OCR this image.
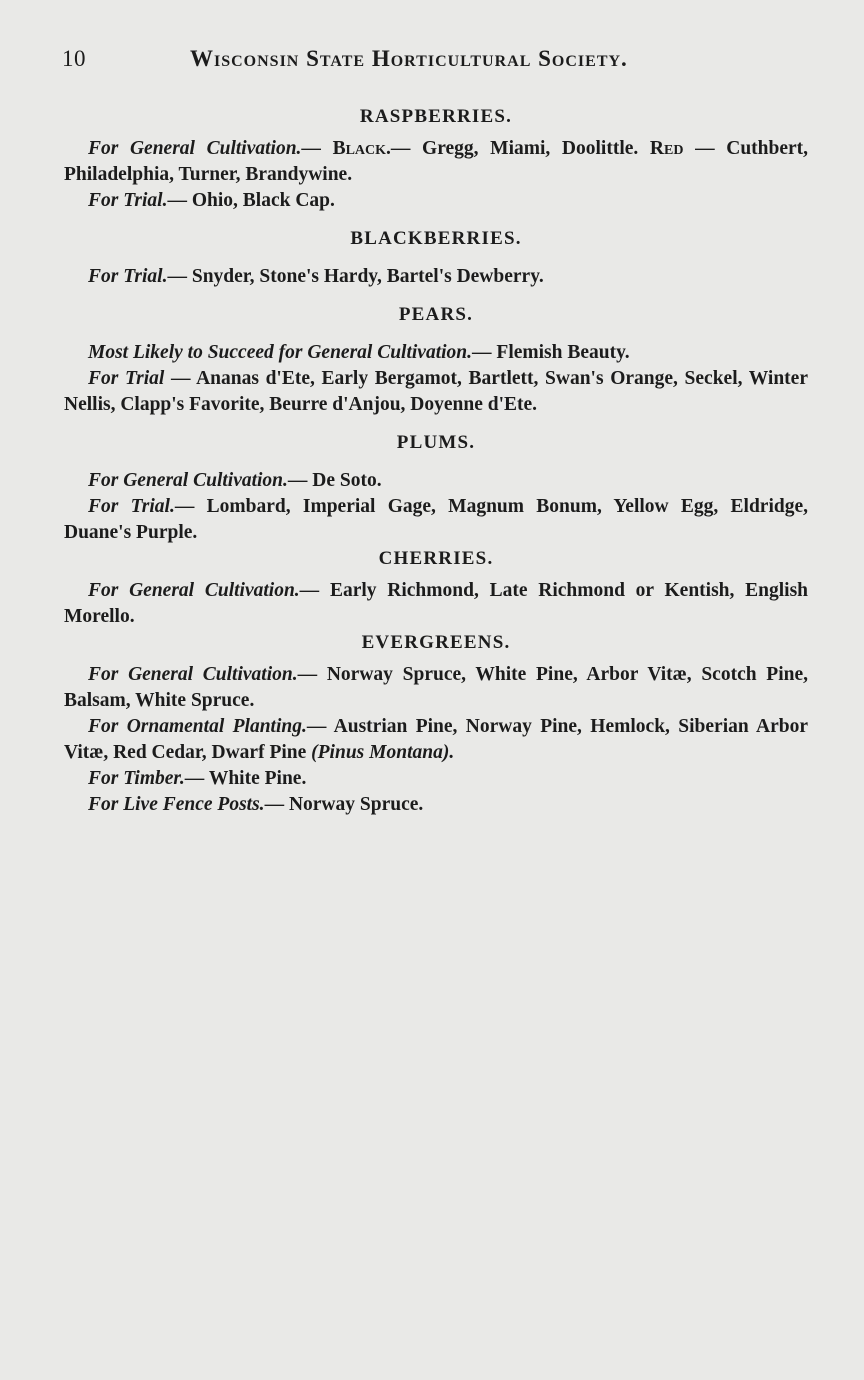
10	Wisconsin State Horticultural Society.
RASPBERRIES.

For General Cultivation.— Black.— Gregg, Miami, Doolittle. Red — Cuthbert, Philadelphia, Turner, Brandywine.

For Trial.— Ohio, Black Cap.

BLACKBERRIES.

For Trial.— Snyder, Stone's Hardy, Bartel's Dewberry.

PEARS.

Most Likely to Succeed for General Cultivation.— Flemish Beauty.

For Trial — Ananas d'Ete, Early Bergamot, Bartlett, Swan's Orange, Seckel, Winter Nellis, Clapp's Favorite, Beurre d'Anjou, Doyenne d'Ete.

PLUMS.

For General Cultivation.— De Soto.

For Trial.— Lombard, Imperial Gage, Magnum Bonum, Yellow Egg, Eldridge, Duane's Purple.

CHERRIES.

For General Cultivation.— Early Richmond, Late Richmond or Kentish, English Morello.

EVERGREENS.

For General Cultivation.— Norway Spruce, White Pine, Arbor Vitæ, Scotch Pine, Balsam, White Spruce.

For Ornamental Planting.— Austrian Pine, Norway Pine, Hemlock, Siberian Arbor Vitæ, Red Cedar, Dwarf Pine (Pinus Montana).

For Timber.— White Pine.

For Live Fence Posts.— Norway Spruce.
